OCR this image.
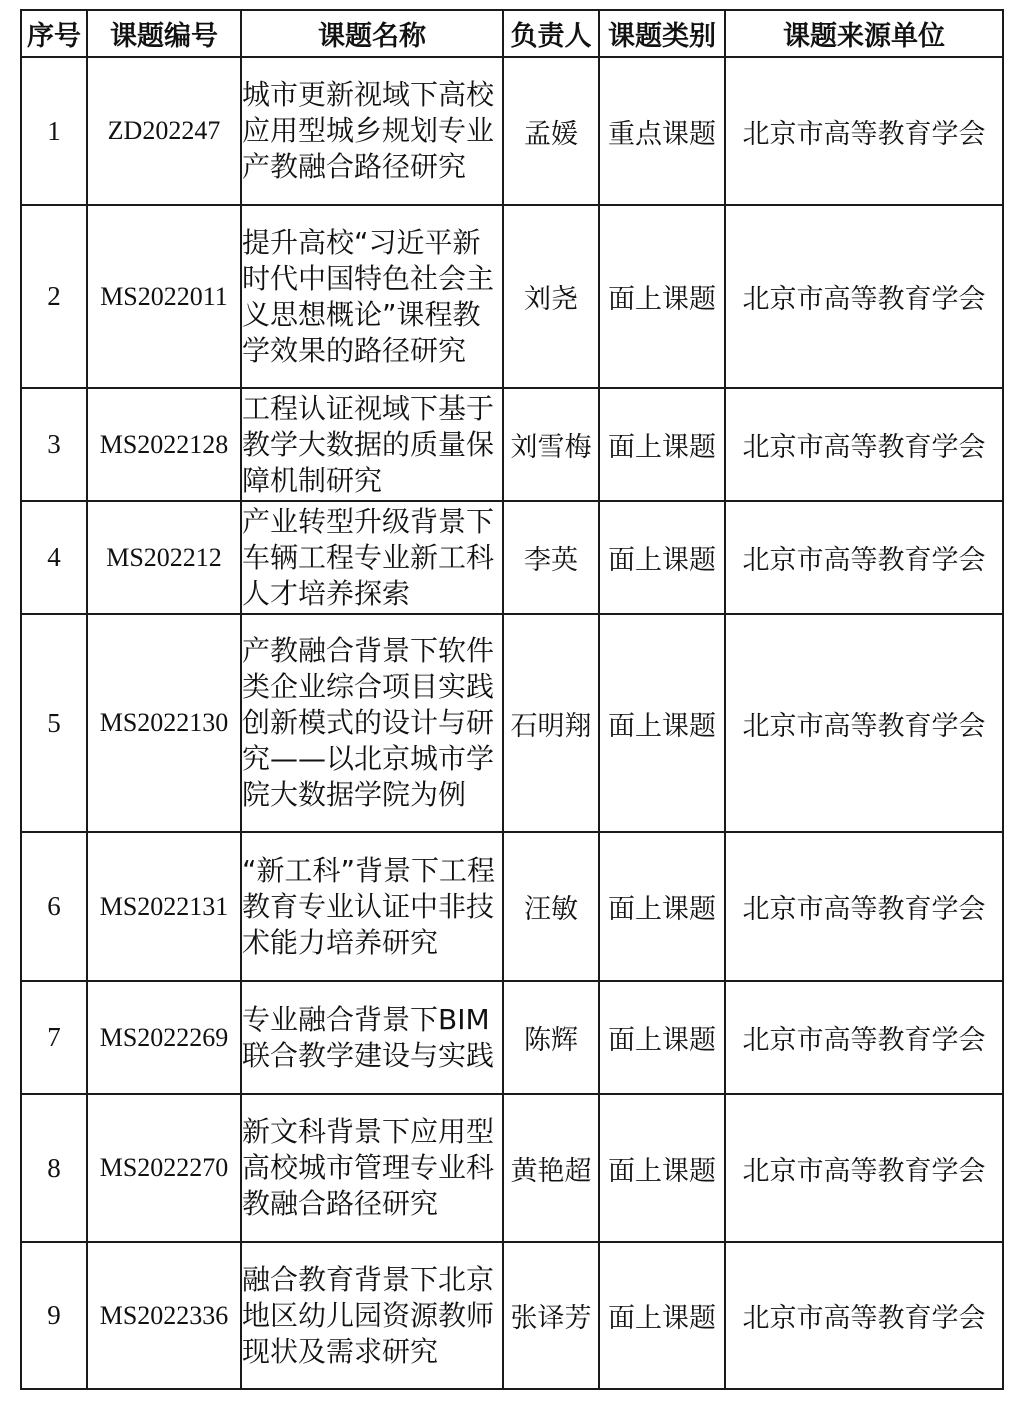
序号	课题编号	课题名称	负责人	课题类别	课题来源单位
1	ZD202247	城市更新视域下高校应用型城乡规划专业产教融合路径研究	孟媛	重点课题	北京市高等教育学会
2	MS2022011	提升高校“习近平新时代中国特色社会主义思想概论”课程教学效果的路径研究	刘尧	面上课题	北京市高等教育学会
3	MS2022128	工程认证视域下基于教学大数据的质量保障机制研究	刘雪梅	面上课题	北京市高等教育学会
4	MS202212	产业转型升级背景下车辆工程专业新工科人才培养探索	李英	面上课题	北京市高等教育学会
5	MS2022130	产教融合背景下软件类企业综合项目实践创新模式的设计与研究——以北京城市学院大数据学院为例	石明翔	面上课题	北京市高等教育学会
6	MS2022131	“新工科”背景下工程教育专业认证中非技术能力培养研究	汪敏	面上课题	北京市高等教育学会
7	MS2022269	专业融合背景下BIM 联合教学建设与实践	陈辉	面上课题	北京市高等教育学会
8	MS2022270	新文科背景下应用型高校城市管理专业科教融合路径研究	黄艳超	面上课题	北京市高等教育学会
9	MS2022336	融合教育背景下北京地区幼儿园资源教师现状及需求研究	张译芳	面上课题	北京市高等教育学会
